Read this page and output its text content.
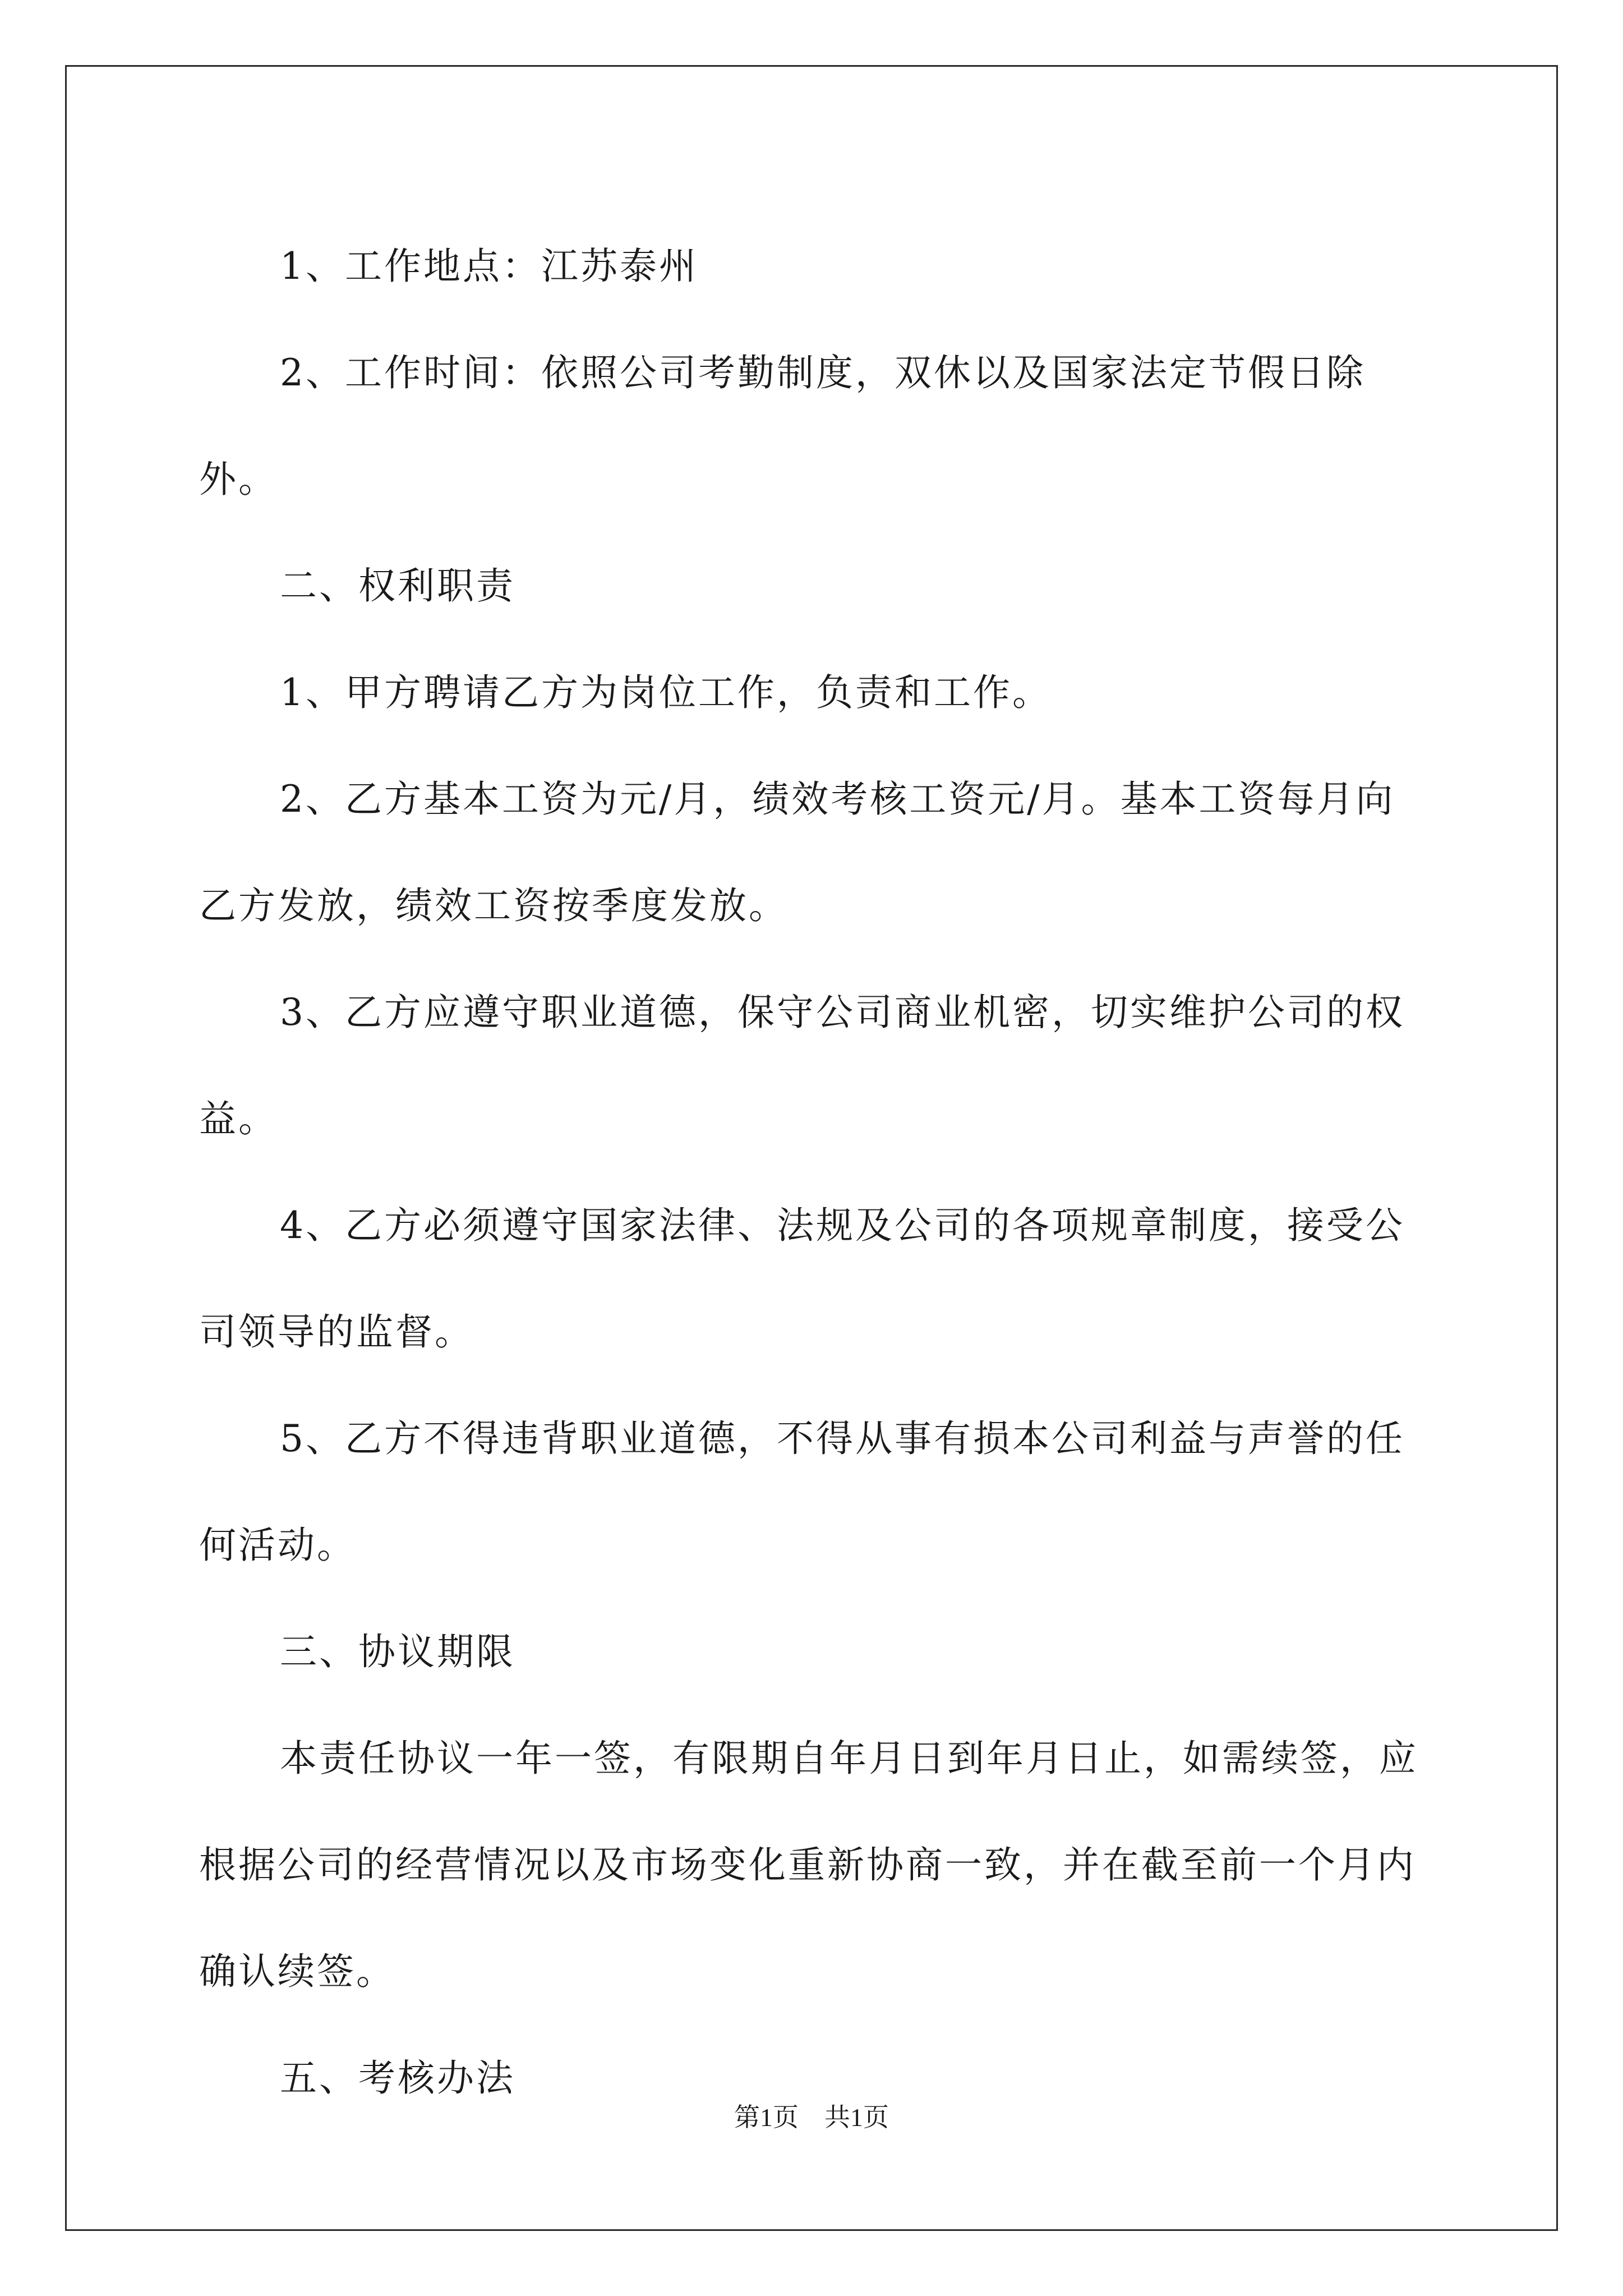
1、工作地点：江苏泰州

2、工作时间：依照公司考勤制度，双休以及国家法定节假日除外。

二、权利职责

1、甲方聘请乙方为岗位工作，负责和工作。

2、乙方基本工资为元/月，绩效考核工资元/月。基本工资每月向乙方发放，绩效工资按季度发放。

3、乙方应遵守职业道德，保守公司商业机密，切实维护公司的权益。

4、乙方必须遵守国家法律、法规及公司的各项规章制度，接受公司领导的监督。

5、乙方不得违背职业道德，不得从事有损本公司利益与声誉的任何活动。

三、协议期限

本责任协议一年一签，有限期自年月日到年月日止，如需续签，应根据公司的经营情况以及市场变化重新协商一致，并在截至前一个月内确认续签。

五、考核办法

第1页　共1页
